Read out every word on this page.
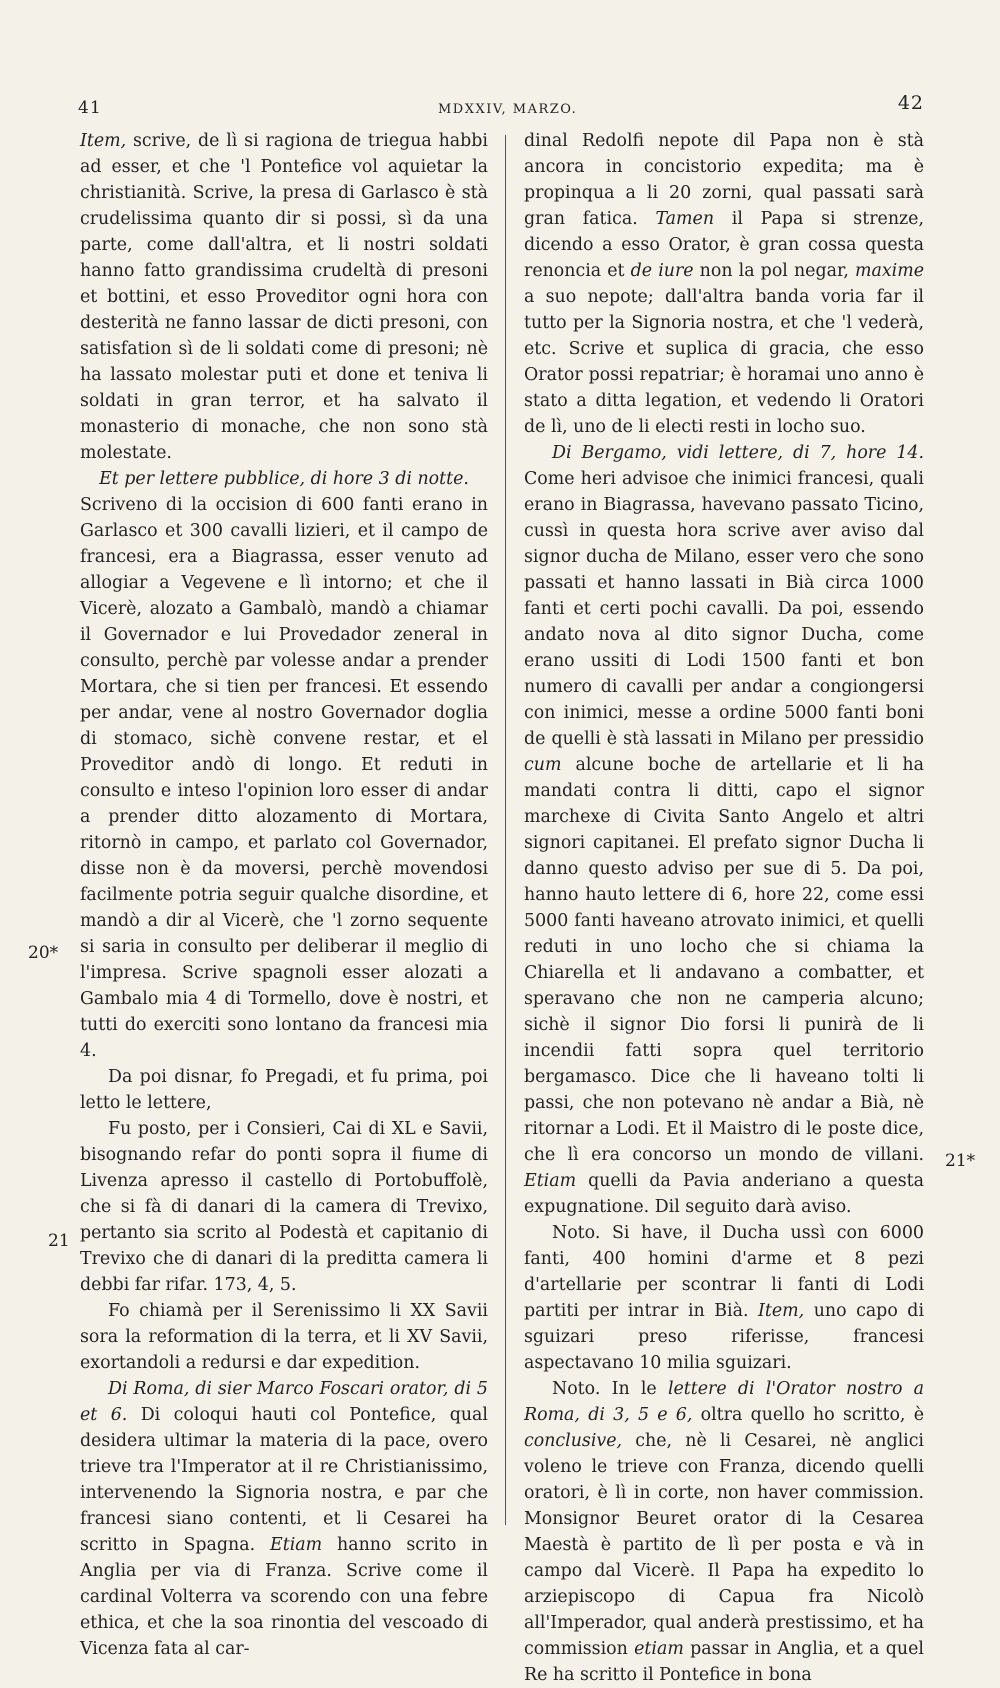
41	MDXXIV, MARZO.	42
20*
21
21*

Item, scrive, de lì si ragiona de triegua habbi ad esser, et che 'l Pontefice vol aquietar la christianità. Scrive, la presa di Garlasco è stà crudelissima quanto dir si possi, sì da una parte, come dall'altra, et li nostri soldati hanno fatto grandissima crudeltà di presoni et bottini, et esso Proveditor ogni hora con desterità ne fanno lassar de dicti presoni, con satisfation sì de li soldati come di presoni; nè ha lassato molestar puti et done et teniva li soldati in gran terror, et ha salvato il monasterio di monache, che non sono stà molestate.

Et per lettere pubblice, di hore 3 di notte.

Scriveno di la occision di 600 fanti erano in Garlasco et 300 cavalli lizieri, et il campo de francesi, era a Biagrassa, esser venuto ad allogiar a Vegevene e lì intorno; et che il Vicerè, alozato a Gambalò, mandò a chiamar il Governador e lui Provedador zeneral in consulto, perchè par volesse andar a prender Mortara, che si tien per francesi. Et essendo per andar, vene al nostro Governador doglia di stomaco, sichè convene restar, et el Proveditor andò di longo. Et reduti in consulto e inteso l'opinion loro esser di andar a prender ditto alozamento di Mortara, ritornò in campo, et parlato col Governador, disse non è da moversi, perchè movendosi facilmente potria seguir qualche disordine, et mandò a dir al Vicerè, che 'l zorno sequente si saria in consulto per deliberar il meglio di l'impresa. Scrive spagnoli esser alozati a Gambalo mia 4 di Tormello, dove è nostri, et tutti do exerciti sono lontano da francesi mia 4.

Da poi disnar, fo Pregadi, et fu prima, poi letto le lettere,

Fu posto, per i Consieri, Cai di XL e Savii, bisognando refar do ponti sopra il fiume di Livenza apresso il castello di Portobuffolè, che si fà di danari di la camera di Trevixo, pertanto sia scrito al Podestà et capitanio di Trevixo che di danari di la preditta camera li debbi far rifar. 173, 4, 5.

Fo chiamà per il Serenissimo li XX Savii sora la reformation di la terra, et li XV Savii, exortandoli a redursi e dar expedition.

Di Roma, di sier Marco Foscari orator, di 5 et 6. Di coloqui hauti col Pontefice, qual desidera ultimar la materia di la pace, overo trieve tra l'Imperator at il re Christianissimo, intervenendo la Signoria nostra, e par che francesi siano contenti, et li Cesarei ha scritto in Spagna. Etiam hanno scrito in Anglia per via di Franza. Scrive come il cardinal Volterra va scorendo con una febre ethica, et che la soa rinontia del vescoado di Vicenza fata al car-

dinal Redolfi nepote dil Papa non è stà ancora in concistorio expedita; ma è propinqua a li 20 zorni, qual passati sarà gran fatica. Tamen il Papa si strenze, dicendo a esso Orator, è gran cossa questa renoncia et de iure non la pol negar, maxime a suo nepote; dall'altra banda voria far il tutto per la Signoria nostra, et che 'l vederà, etc. Scrive et suplica di gracia, che esso Orator possi repatriar; è horamai uno anno è stato a ditta legation, et vedendo li Oratori de lì, uno de li electi resti in locho suo.

Di Bergamo, vidi lettere, di 7, hore 14. Come heri advisoe che inimici francesi, quali erano in Biagrassa, havevano passato Ticino, cussì in questa hora scrive aver aviso dal signor ducha de Milano, esser vero che sono passati et hanno lassati in Bià circa 1000 fanti et certi pochi cavalli. Da poi, essendo andato nova al dito signor Ducha, come erano ussiti di Lodi 1500 fanti et bon numero di cavalli per andar a congiongersi con inimici, messe a ordine 5000 fanti boni de quelli è stà lassati in Milano per pressidio cum alcune boche de artellarie et li ha mandati contra li ditti, capo el signor marchexe di Civita Santo Angelo et altri signori capitanei. El prefato signor Ducha li danno questo adviso per sue di 5. Da poi, hanno hauto lettere di 6, hore 22, come essi 5000 fanti haveano atrovato inimici, et quelli reduti in uno locho che si chiama la Chiarella et li andavano a combatter, et speravano che non ne camperia alcuno; sichè il signor Dio forsi li punirà de li incendii fatti sopra quel territorio bergamasco. Dice che li haveano tolti li passi, che non potevano nè andar a Bià, nè ritornar a Lodi. Et il Maistro di le poste dice, che lì era concorso un mondo de villani. Etiam quelli da Pavia anderiano a questa expugnatione. Dil seguito darà aviso.

Noto. Si have, il Ducha ussì con 6000 fanti, 400 homini d'arme et 8 pezi d'artellarie per scontrar li fanti di Lodi partiti per intrar in Bià. Item, uno capo di sguizari preso riferisse, francesi aspectavano 10 milia sguizari.

Noto. In le lettere di l'Orator nostro a Roma, di 3, 5 e 6, oltra quello ho scritto, è conclusive, che, nè li Cesarei, nè anglici voleno le trieve con Franza, dicendo quelli oratori, è lì in corte, non haver commission. Monsignor Beuret orator di la Cesarea Maestà è partito de lì per posta e và in campo dal Vicerè. Il Papa ha expedito lo arziepiscopo di Capua fra Nicolò all'Imperador, qual anderà prestissimo, et ha commission etiam passar in Anglia, et a quel Re ha scritto il Pontefice in bona
